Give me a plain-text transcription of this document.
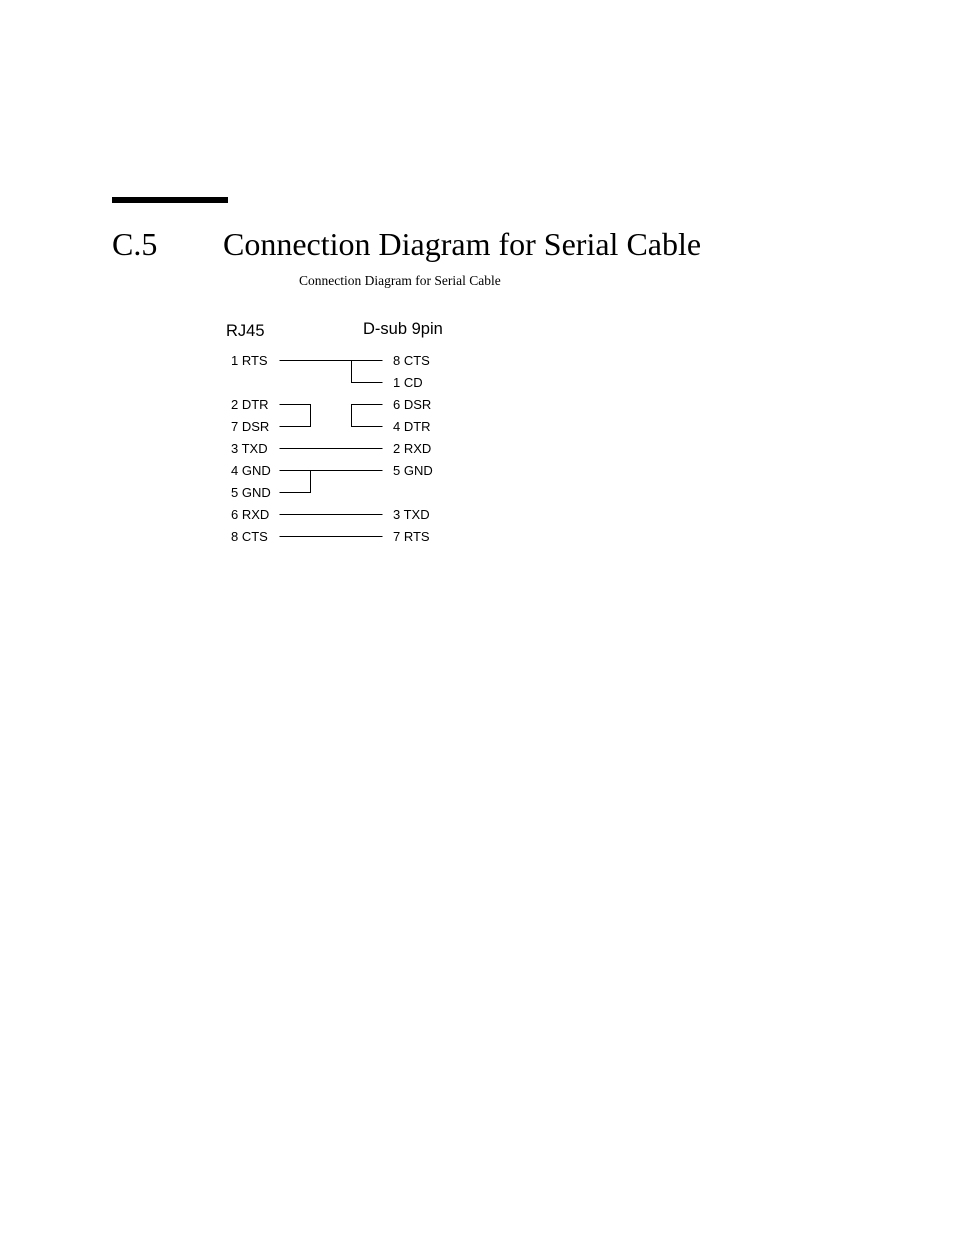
C.5 Connection Diagram for Serial Cable
Connection Diagram for Serial Cable
RJ45	D-sub 9pin
1 RTS
2 DTR
7 DSR
3 TXD
4 GND
5 GND
6 RXD
8 CTS
8 CTS
1 CD
6 DSR
4 DTR
2 RXD
5 GND
3 TXD
7 RTS
